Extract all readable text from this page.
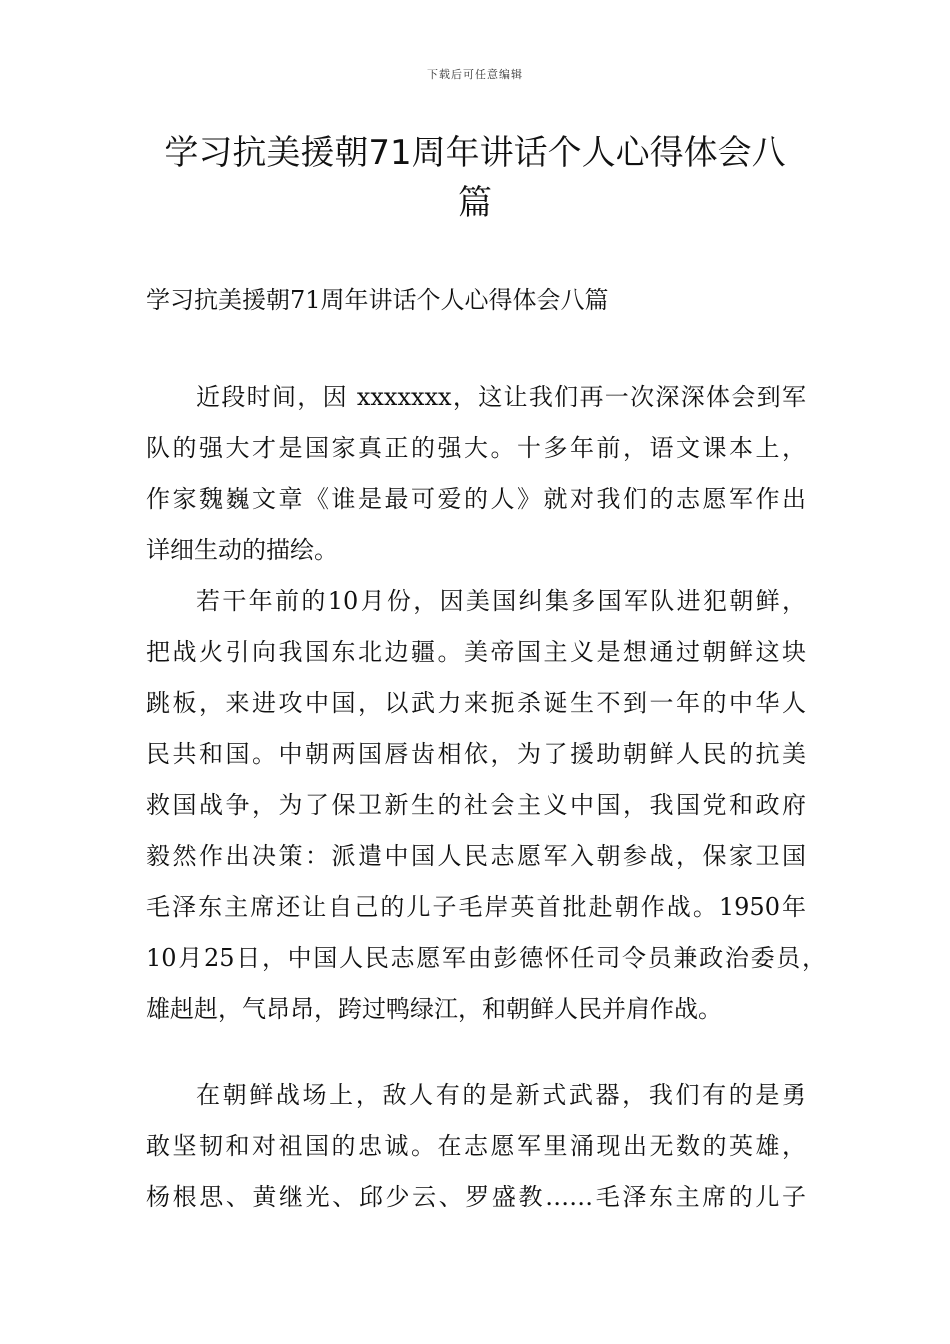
下载后可任意编辑
学习抗美援朝71周年讲话个人心得体会八
篇

学习抗美援朝71周年讲话个人心得体会八篇

近段时间，因 xxxxxxx，这让我们再一次深深体会到军
队的强大才是国家真正的强大。十多年前，语文课本上，
作家魏巍文章《谁是最可爱的人》就对我们的志愿军作出
详细生动的描绘。
若干年前的10月份，因美国纠集多国军队进犯朝鲜，
把战火引向我国东北边疆。美帝国主义是想通过朝鲜这块
跳板，来进攻中国，以武力来扼杀诞生不到一年的中华人
民共和国。中朝两国唇齿相依，为了援助朝鲜人民的抗美
救国战争，为了保卫新生的社会主义中国，我国党和政府
毅然作出决策：派遣中国人民志愿军入朝参战，保家卫国
毛泽东主席还让自己的儿子毛岸英首批赴朝作战。1950年
10月25日，中国人民志愿军由彭德怀任司令员兼政治委员，
雄赳赳，气昂昂，跨过鸭绿江，和朝鲜人民并肩作战。
在朝鲜战场上，敌人有的是新式武器，我们有的是勇
敢坚韧和对祖国的忠诚。在志愿军里涌现出无数的英雄，
杨根思、黄继光、邱少云、罗盛教……毛泽东主席的儿子
